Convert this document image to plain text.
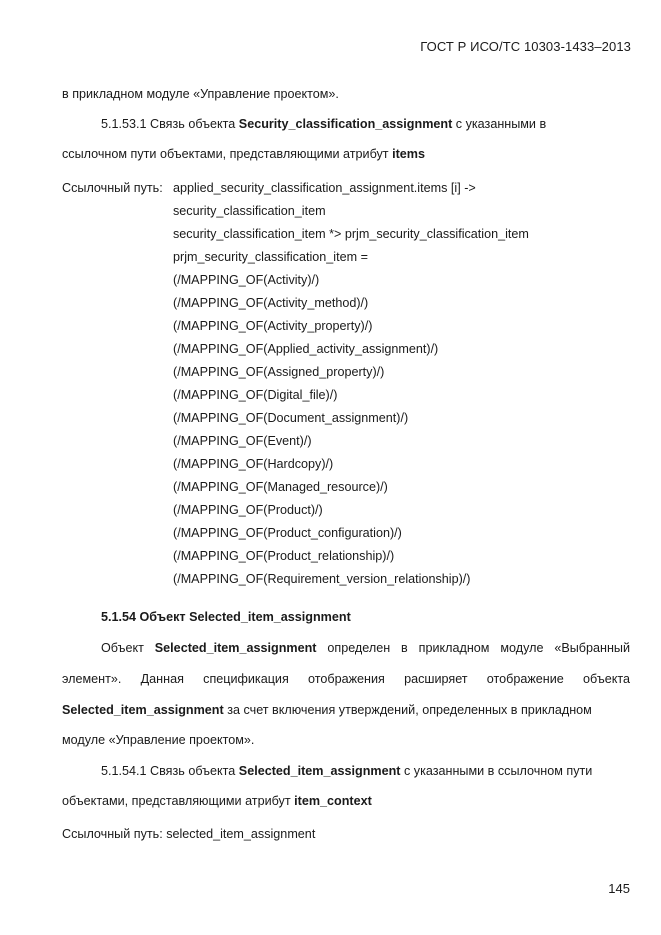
ГОСТ Р ИСО/ТС 10303-1433–2013
в прикладном модуле «Управление проектом».
5.1.53.1 Связь объекта Security_classification_assignment с указанными в
ссылочном пути объектами, представляющими атрибут items
Ссылочный путь: applied_security_classification_assignment.items [i] ->
security_classification_item
security_classification_item *> prjm_security_classification_item
prjm_security_classification_item =
(/MAPPING_OF(Activity)/)
(/MAPPING_OF(Activity_method)/)
(/MAPPING_OF(Activity_property)/)
(/MAPPING_OF(Applied_activity_assignment)/)
(/MAPPING_OF(Assigned_property)/)
(/MAPPING_OF(Digital_file)/)
(/MAPPING_OF(Document_assignment)/)
(/MAPPING_OF(Event)/)
(/MAPPING_OF(Hardcopy)/)
(/MAPPING_OF(Managed_resource)/)
(/MAPPING_OF(Product)/)
(/MAPPING_OF(Product_configuration)/)
(/MAPPING_OF(Product_relationship)/)
(/MAPPING_OF(Requirement_version_relationship)/)
5.1.54 Объект Selected_item_assignment
Объект Selected_item_assignment определен в прикладном модуле «Выбранный
элемент». Данная спецификация отображения расширяет отображение объекта
Selected_item_assignment за счет включения утверждений, определенных в прикладном
модуле «Управление проектом».
5.1.54.1 Связь объекта Selected_item_assignment с указанными в ссылочном пути
объектами, представляющими атрибут item_context
Ссылочный путь: selected_item_assignment
145
